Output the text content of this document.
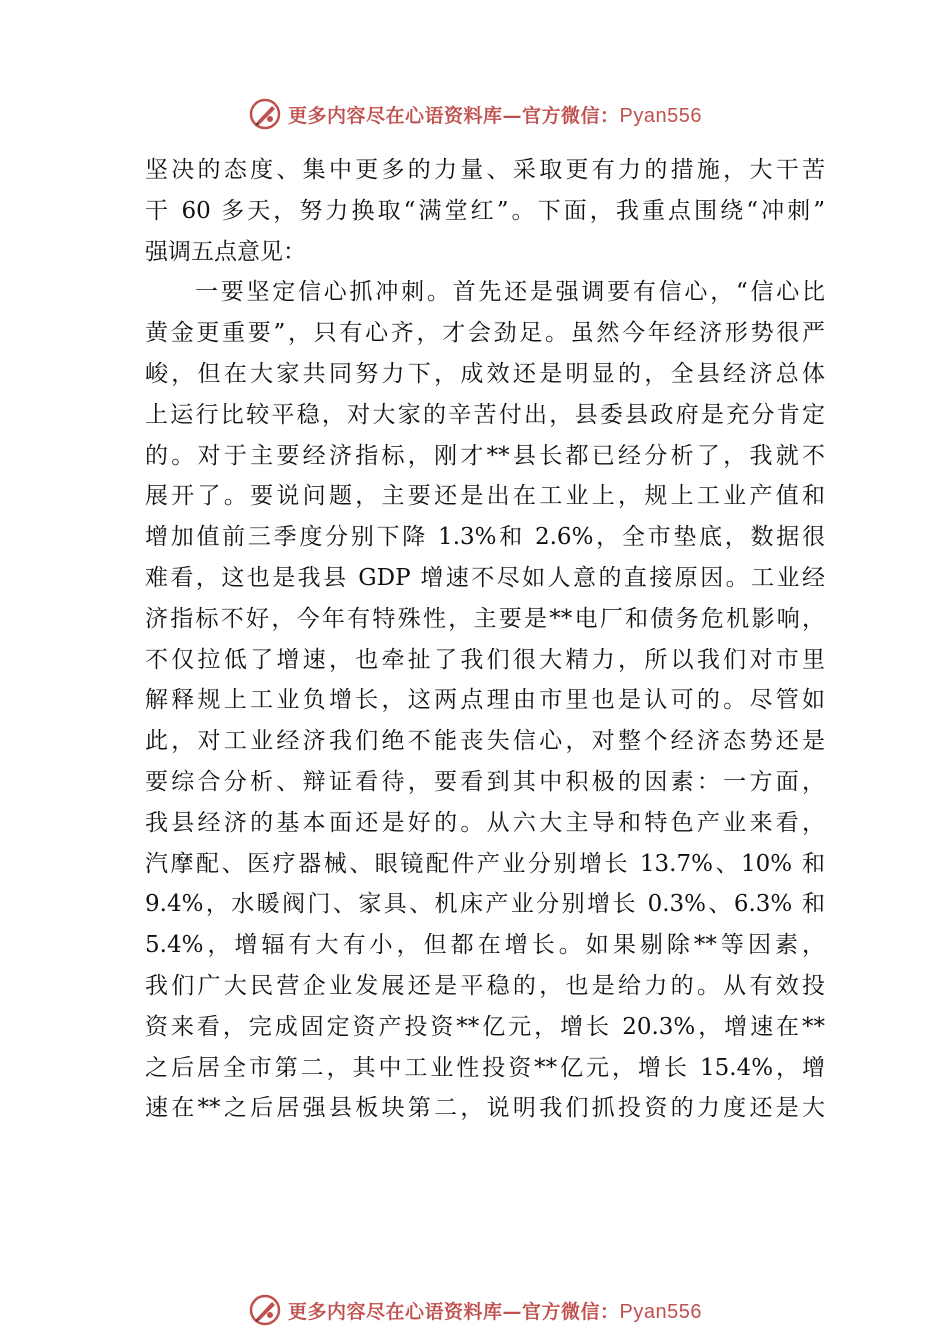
更多内容尽在心语资料库—官方微信：Pyan556
坚决的态度、集中更多的力量、采取更有力的措施，大干苦
干 60 多天，努力换取“满堂红”。下面，我重点围绕“冲刺”
强调五点意见：
一要坚定信心抓冲刺。首先还是强调要有信心，“信心比
黄金更重要”，只有心齐，才会劲足。虽然今年经济形势很严
峻，但在大家共同努力下，成效还是明显的，全县经济总体
上运行比较平稳，对大家的辛苦付出，县委县政府是充分肯定
的。对于主要经济指标，刚才**县长都已经分析了，我就不
展开了。要说问题，主要还是出在工业上，规上工业产值和
增加值前三季度分别下降 1.3%和 2.6%，全市垫底，数据很
难看，这也是我县 GDP 增速不尽如人意的直接原因。工业经
济指标不好，今年有特殊性，主要是**电厂和债务危机影响，
不仅拉低了增速，也牵扯了我们很大精力，所以我们对市里
解释规上工业负增长，这两点理由市里也是认可的。尽管如
此，对工业经济我们绝不能丧失信心，对整个经济态势还是
要综合分析、辩证看待，要看到其中积极的因素：一方面，
我县经济的基本面还是好的。从六大主导和特色产业来看，
汽摩配、医疗器械、眼镜配件产业分别增长 13.7%、10% 和
9.4%，水暖阀门、家具、机床产业分别增长 0.3%、6.3% 和
5.4%，增辐有大有小，但都在增长。如果剔除**等因素，
我们广大民营企业发展还是平稳的，也是给力的。从有效投
资来看，完成固定资产投资**亿元，增长 20.3%，增速在**
之后居全市第二，其中工业性投资**亿元，增长 15.4%，增
速在**之后居强县板块第二，说明我们抓投资的力度还是大
更多内容尽在心语资料库—官方微信：Pyan556
